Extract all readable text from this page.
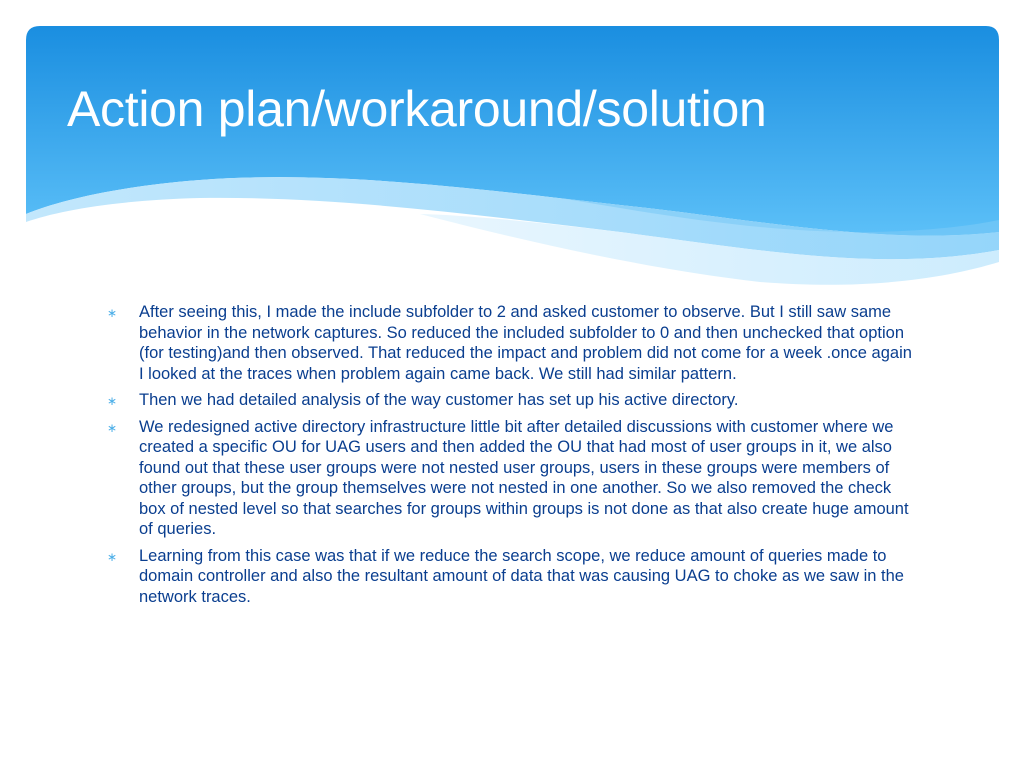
Action plan/workaround/solution
∗ After seeing this, I made the include subfolder to 2 and asked customer to observe. But I still saw same behavior in the network captures. So reduced the included subfolder to 0 and then unchecked that option (for testing)and then observed. That reduced the impact and problem did not come for a week .once again I looked at the traces when problem again came back. We still had similar pattern.
∗ Then we had detailed analysis of the way customer has set up his active directory.
∗ We redesigned active directory infrastructure little bit after detailed discussions with customer where we created a specific OU for UAG users and then added the OU that had most of user groups in it, we also found out that these user groups were not nested user groups, users in these groups were members of other groups, but the group themselves were not nested in one another. So we also removed the check box of nested level so that searches for groups within groups is not done as that also create huge amount of queries.
∗ Learning from this case was that if we reduce the search scope, we reduce amount of queries made to domain controller and also the resultant amount of data that was causing UAG to choke as we saw in the network traces.
